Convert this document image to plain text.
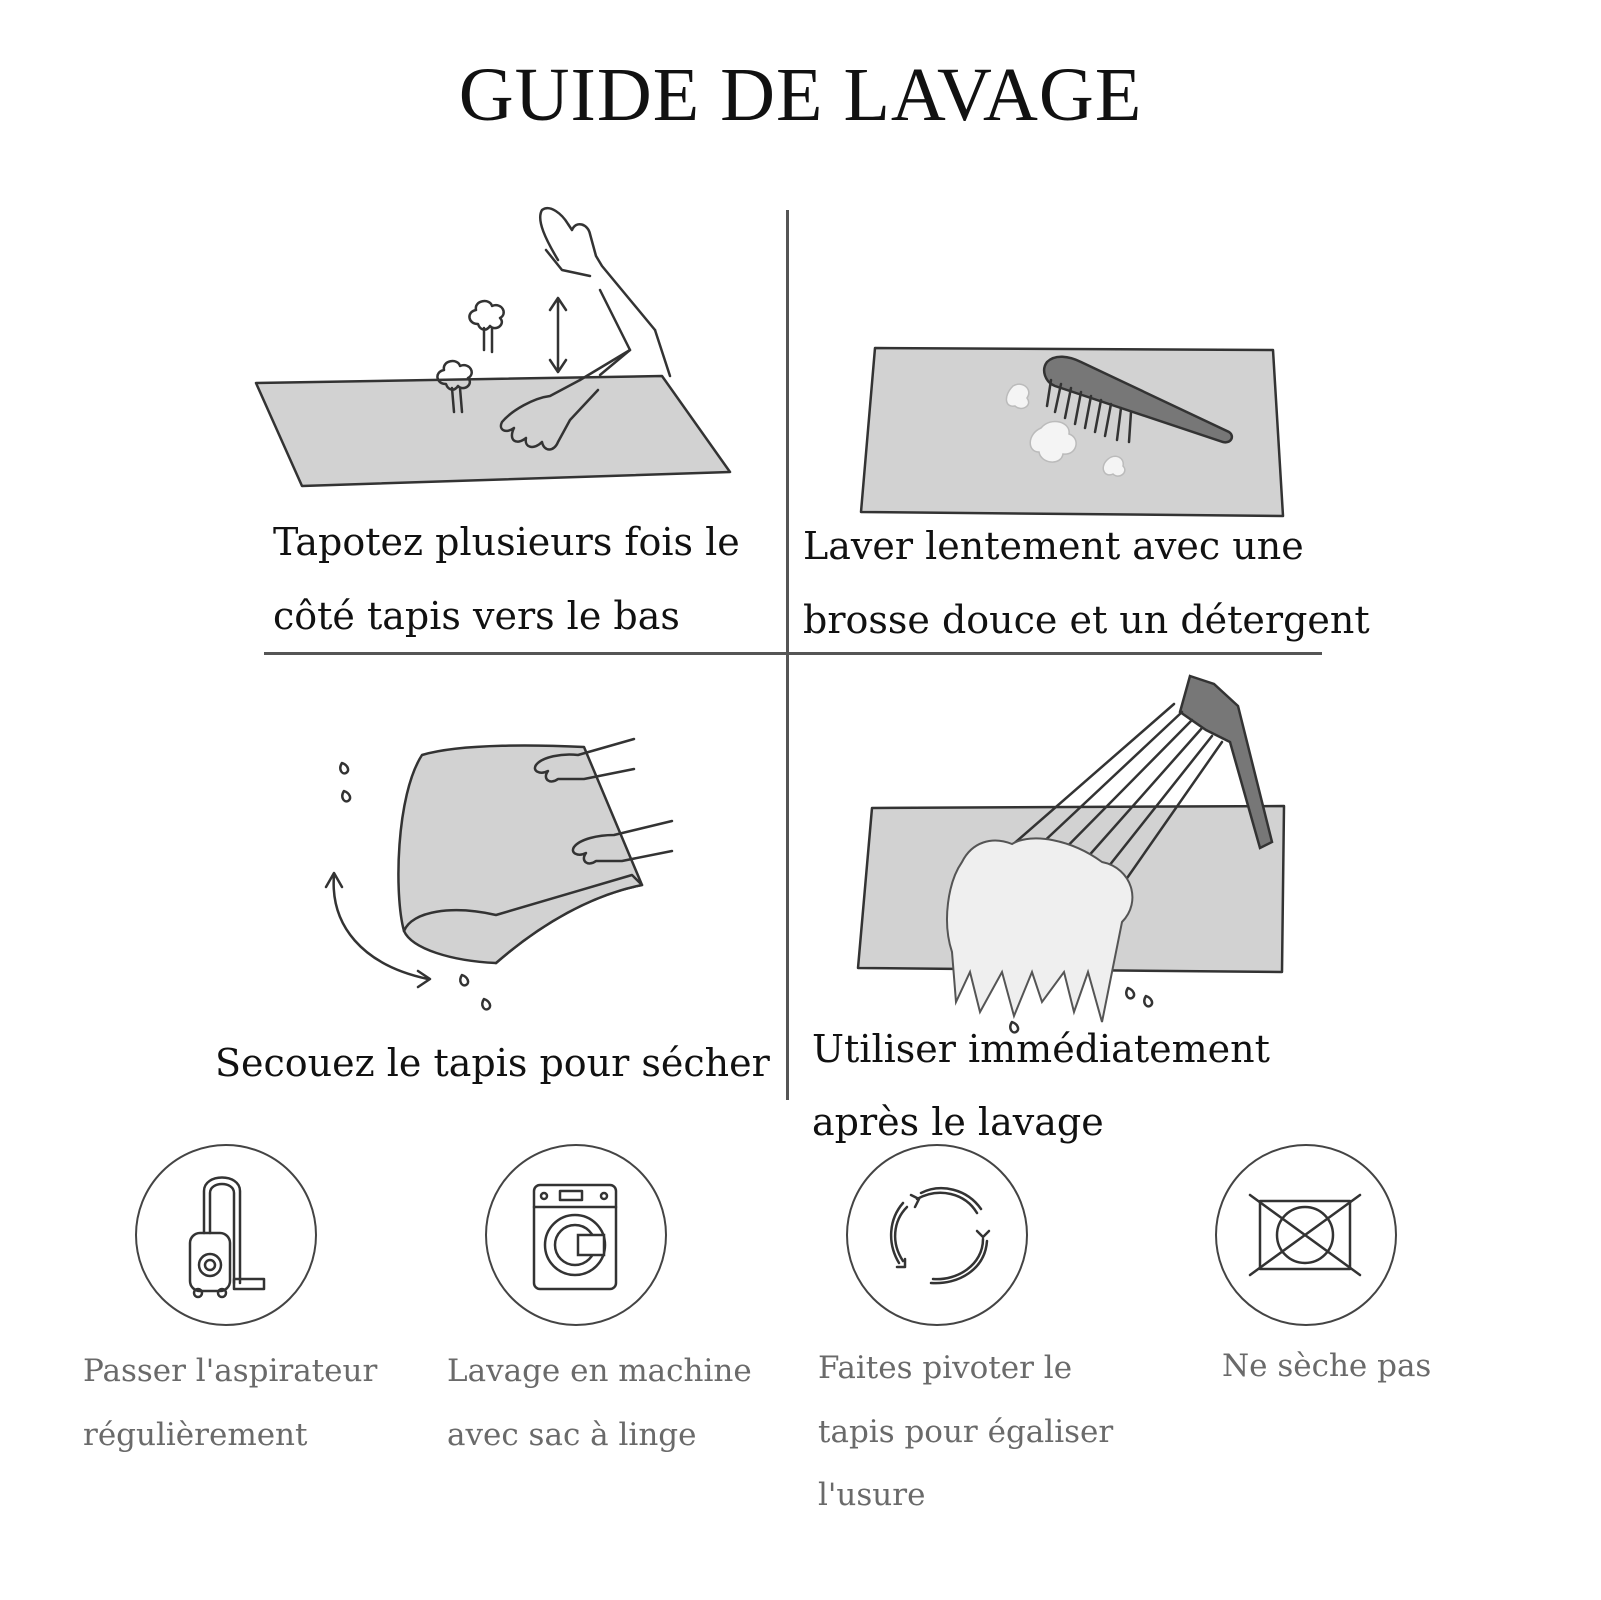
GUIDE DE LAVAGE
Tapotez plusieurs fois le
côté tapis vers le bas
Laver lentement avec une
brosse douce et un détergent
Secouez le tapis pour sécher Utiliser immédiatement
après le lavage
Passer l'aspirateur
régulièrement
Lavage en machine
avec sac à linge
Faites pivoter le
tapis pour égaliser
l'usure
Ne sèche pas
